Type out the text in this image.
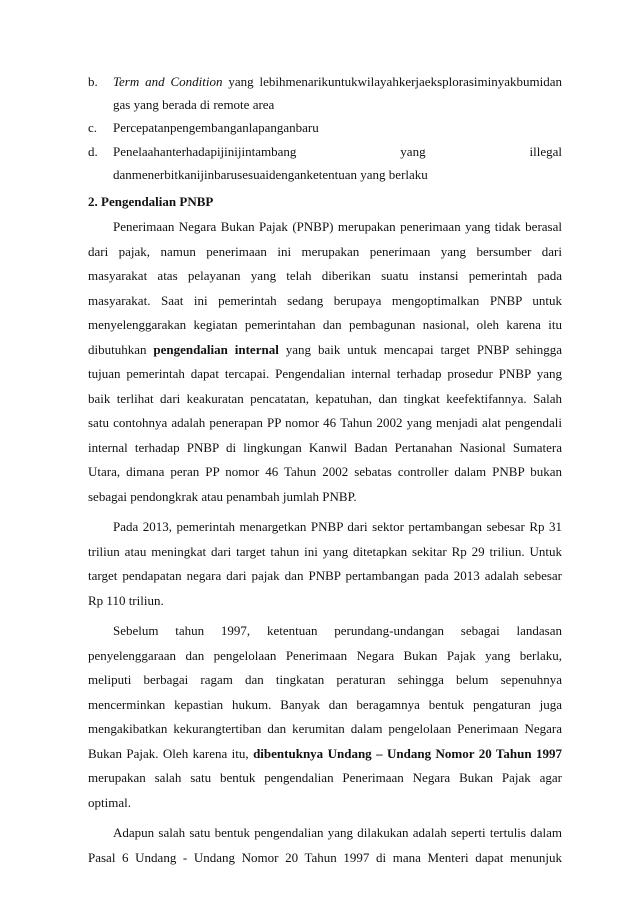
b. Term and Condition yang lebihmenarikuntukwilayahkerjaeksplorasiminyakbumidan
gas yang berada di remote area
c. Percepatanpengembanganlapanganbaru
d. Penelaahanterhadapijinijintambang yang illegal
danmenerbitkanijinbarusesuaidenganketentuan yang berlaku
2. Pengendalian PNBP
Penerimaan Negara Bukan Pajak (PNBP) merupakan penerimaan yang tidak berasal
dari pajak, namun penerimaan ini merupakan penerimaan yang bersumber dari
masyarakat atas pelayanan yang telah diberikan suatu instansi pemerintah pada
masyarakat. Saat ini pemerintah sedang berupaya mengoptimalkan PNBP untuk
menyelenggarakan kegiatan pemerintahan dan pembagunan nasional, oleh karena itu
dibutuhkan pengendalian internal yang baik untuk mencapai target PNBP sehingga
tujuan pemerintah dapat tercapai. Pengendalian internal terhadap prosedur PNBP yang
baik terlihat dari keakuratan pencatatan, kepatuhan, dan tingkat keefektifannya. Salah
satu contohnya adalah penerapan PP nomor 46 Tahun 2002 yang menjadi alat pengendali
internal terhadap PNBP di lingkungan Kanwil Badan Pertanahan Nasional Sumatera
Utara, dimana peran PP nomor 46 Tahun 2002 sebatas controller dalam PNBP bukan
sebagai pendongkrak atau penambah jumlah PNBP.
Pada 2013, pemerintah menargetkan PNBP dari sektor pertambangan sebesar Rp 31
triliun atau meningkat dari target tahun ini yang ditetapkan sekitar Rp 29 triliun. Untuk
target pendapatan negara dari pajak dan PNBP pertambangan pada 2013 adalah sebesar
Rp 110 triliun.
Sebelum tahun 1997, ketentuan perundang-undangan sebagai landasan
penyelenggaraan dan pengelolaan Penerimaan Negara Bukan Pajak yang berlaku,
meliputi berbagai ragam dan tingkatan peraturan sehingga belum sepenuhnya
mencerminkan kepastian hukum. Banyak dan beragamnya bentuk pengaturan juga
mengakibatkan kekurangtertiban dan kerumitan dalam pengelolaan Penerimaan Negara
Bukan Pajak. Oleh karena itu, dibentuknya Undang – Undang Nomor 20 Tahun 1997
merupakan salah satu bentuk pengendalian Penerimaan Negara Bukan Pajak agar
optimal.
Adapun salah satu bentuk pengendalian yang dilakukan adalah seperti tertulis dalam
Pasal 6 Undang - Undang Nomor 20 Tahun 1997 di mana Menteri dapat menunjuk
